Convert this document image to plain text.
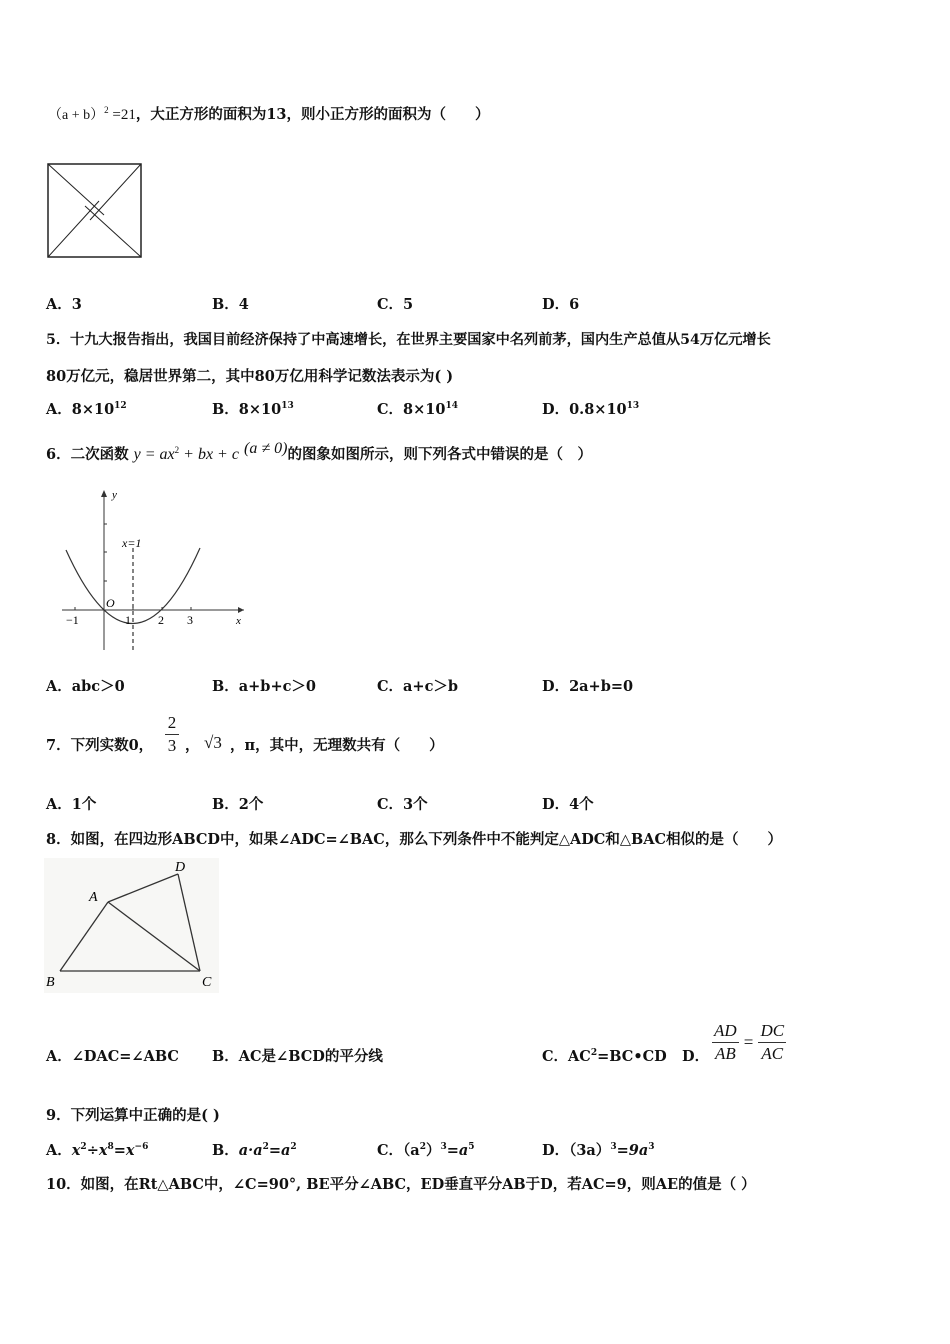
$(a + b)^2 =21$，大正方形的面积为13，则小正方形的面积为（　　）
A．3	B．4	C．5	D．6
5．十九大报告指出，我国目前经济保持了中高速增长，在世界主要国家中名列前茅，国内生产总值从54万亿元增长
80万亿元，稳居世界第二，其中80万亿用科学记数法表示为( )
A．$8\times 10^{12}$	B．$8\times 10^{13}$	C．$8\times 10^{14}$	D．$0.8\times 10^{13}$
6．二次函数 $y = ax^2$ + bx + c (a ≠ 0)的图象如图所示，则下列各式中错误的是（　）
y
x=1
O
x
−1	1 2 3
A．abc＞0	B．a+b+c＞0	C．a+c＞b	D．2a+b=0
7．下列实数0，
2
3 ， √3 ，π，其中，无理数共有（　　）
A．1个	B．2个	C．3个	D．4个
8．如图，在四边形ABCD中，如果∠ADC=∠BAC，那么下列条件中不能判定△ADC和△BAC相似的是（　　）
A
B	C
D
A．∠DAC=∠ABC B．AC是∠BCD的平分线	C．$AC^2=BC•CD$ D． $\frac{AD}{AB} = \frac{DC}{AC}$
9．下列运算中正确的是( )
A．$x^2\div x^8=x^{-6}$	B．$a\cdot a^2=a^2$	C．$(a^2)^3=a^5$	D．$(3a)^3=9a^3$
10．如图，在Rt△ABC中，∠C=90°, BE平分∠ABC，ED垂直平分AB于D，若AC=9，则AE的值是（ ）
